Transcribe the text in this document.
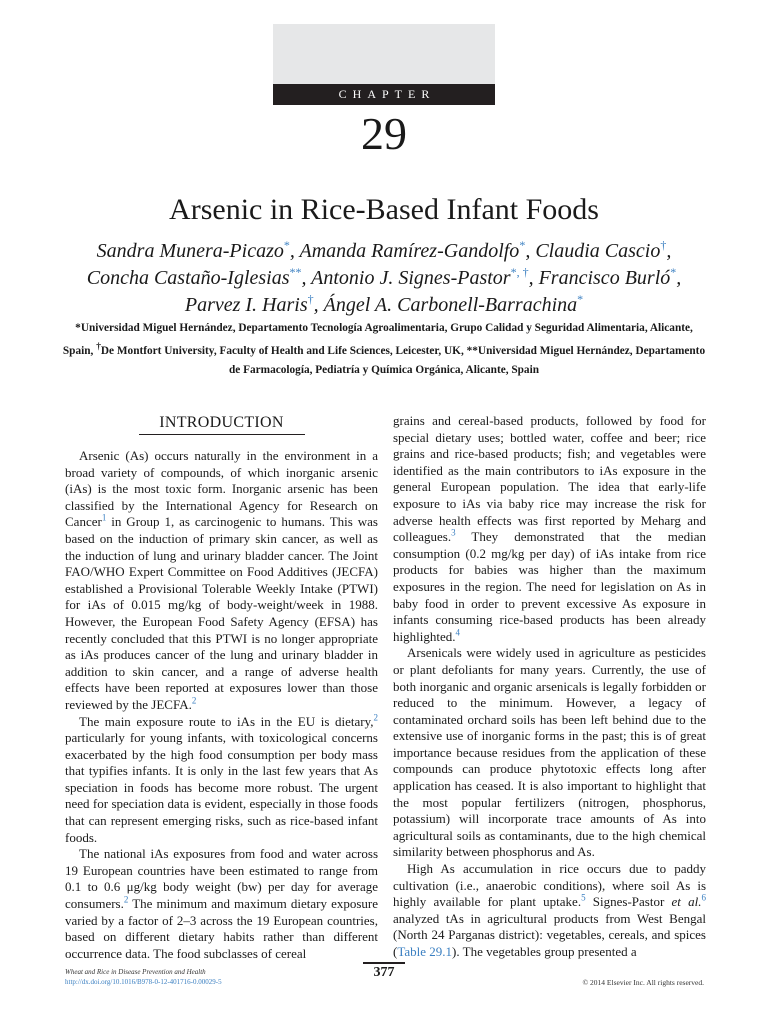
CHAPTER
29
Arsenic in Rice-Based Infant Foods
Sandra Munera-Picazo*, Amanda Ramírez-Gandolfo*, Claudia Cascio†,
Concha Castaño-Iglesias**, Antonio J. Signes-Pastor*, †, Francisco Burló*,
Parvez I. Haris†, Ángel A. Carbonell-Barrachina*
*Universidad Miguel Hernández, Departamento Tecnología Agroalimentaria, Grupo Calidad y Seguridad Alimentaria, Alicante, Spain, †De Montfort University, Faculty of Health and Life Sciences, Leicester, UK, **Universidad Miguel Hernández, Departamento de Farmacología, Pediatría y Química Orgánica, Alicante, Spain
INTRODUCTION

Arsenic (As) occurs naturally in the environment in a broad variety of compounds, of which inorganic arsenic (iAs) is the most toxic form. Inorganic arsenic has been classified by the International Agency for Research on Cancer$^1$ in Group 1, as carcinogenic to humans. This was based on the induction of primary skin cancer, as well as the induction of lung and urinary bladder cancer. The Joint FAO/WHO Expert Committee on Food Additives (JECFA) established a Provisional Tolerable Weekly Intake (PTWI) for iAs of 0.015 mg/kg of body-weight/week in 1988. However, the European Food Safety Agency (EFSA) has recently concluded that this PTWI is no longer appropriate as iAs produces cancer of the lung and urinary bladder in addition to skin cancer, and a range of adverse health effects have been reported at exposures lower than those reviewed by the JECFA.$^2$

The main exposure route to iAs in the EU is dietary,$^2$ particularly for young infants, with toxicological concerns exacerbated by the high food consumption per body mass that typifies infants. It is only in the last few years that As speciation in foods has become more robust. The urgent need for speciation data is evident, especially in those foods that can represent emerging risks, such as rice-based infant foods.

The national iAs exposures from food and water across 19 European countries have been estimated to range from 0.1 to 0.6 μg/kg body weight (bw) per day for average consumers.$^2$ The minimum and maximum dietary exposure varied by a factor of 2–3 across the 19 European countries, based on different dietary habits rather than different occurrence data. The food subclasses of cereal

grains and cereal-based products, followed by food for special dietary uses; bottled water, coffee and beer; rice grains and rice-based products; fish; and vegetables were identified as the main contributors to iAs exposure in the general European population. The idea that early-life exposure to iAs via baby rice may increase the risk for adverse health effects was first reported by Meharg and colleagues.$^3$ They demonstrated that the median consumption (0.2 mg/kg per day) of iAs intake from rice products for babies was higher than the maximum exposures in the region. The need for legislation on As in baby food in order to prevent excessive As exposure in infants consuming rice-based products has been already highlighted.$^4$

Arsenicals were widely used in agriculture as pesticides or plant defoliants for many years. Currently, the use of both inorganic and organic arsenicals is legally forbidden or reduced to the minimum. However, a legacy of contaminated orchard soils has been left behind due to the extensive use of inorganic forms in the past; this is of great importance because residues from the application of these compounds can produce phytotoxic effects long after application has ceased. It is also important to highlight that the most popular fertilizers (nitrogen, phosphorus, potassium) will incorporate trace amounts of As into agricultural soils as contaminants, due to the high chemical similarity between phosphorus and As.

High As accumulation in rice occurs due to paddy cultivation (i.e., anaerobic conditions), where soil As is highly available for plant uptake.$^5$ Signes-Pastor et al.$^6$ analyzed tAs in agricultural products from West Bengal (North 24 Parganas district): vegetables, cereals, and spices (Table 29.1). The vegetables group presented a

377
Wheat and Rice in Disease Prevention and Health
http://dx.doi.org/10.1016/B978-0-12-401716-0.00029-5	© 2014 Elsevier Inc. All rights reserved.
